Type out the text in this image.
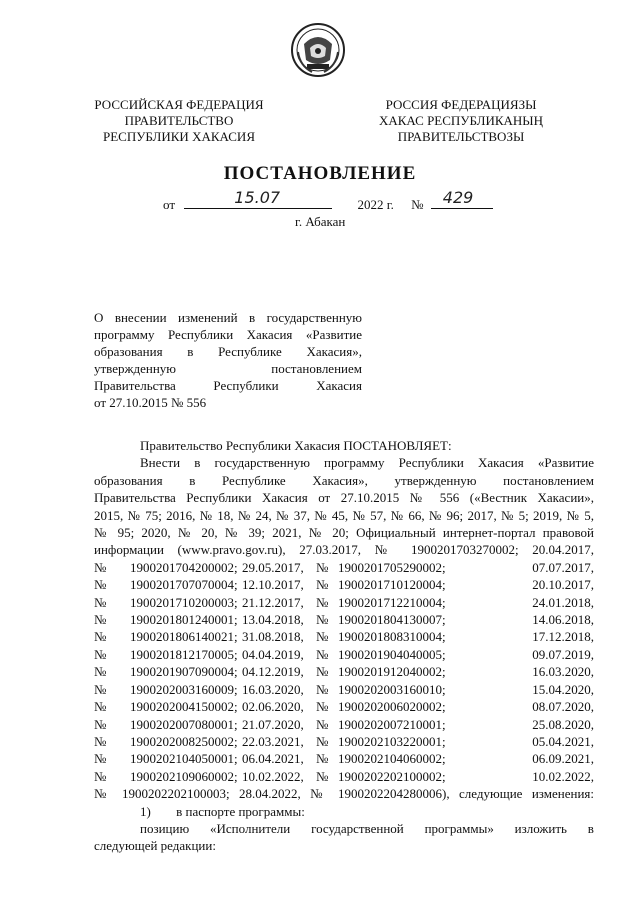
РОССИЙСКАЯ ФЕДЕРАЦИЯ
ПРАВИТЕЛЬСТВО
РЕСПУБЛИКИ ХАКАСИЯ
РОССИЯ ФЕДЕРАЦИЯЗЫ
ХАКАС РЕСПУБЛИКАНЫҢ
ПРАВИТЕЛЬСТВОЗЫ
ПОСТАНОВЛЕНИЕ
от	15.07	2022 г. № 429
г. Абакан
О внесении изменений в государственную
программу Республики Хакасия «Развитие
образования в Республике Хакасия»,
утвержденную	постановлением
Правительства	Республики	Хакасия
от 27.10.2015 № 556

Правительство Республики Хакасия ПОСТАНОВЛЯЕТ:

Внести в государственную программу Республики Хакасия «Развитие

образования в Республике Хакасия», утвержденную постановлением

Правительства Республики Хакасия от 27.10.2015 № 556 («Вестник Хакасии»,

2015, № 75; 2016, № 18, № 24, № 37, № 45, № 57, № 66, № 96; 2017, № 5; 2019, № 5,

№ 95; 2020, № 20, № 39; 2021, № 20; Официальный интернет-портал правовой

информации (www.pravo.gov.ru), 27.03.2017, № 1900201703270002; 20.04.2017,

№	1900201704200002; 29.05.2017, № 1900201705290002;	07.07.2017,
№	1900201707070004; 12.10.2017, № 1900201710120004;	20.10.2017,
№	1900201710200003; 21.12.2017, № 1900201712210004;	24.01.2018,
№	1900201801240001; 13.04.2018, № 1900201804130007;	14.06.2018,
№	1900201806140021; 31.08.2018, № 1900201808310004;	17.12.2018,
№	1900201812170005; 04.04.2019, № 1900201904040005;	09.07.2019,
№	1900201907090004; 04.12.2019, № 1900201912040002;	16.03.2020,
№	1900202003160009; 16.03.2020, № 1900202003160010;	15.04.2020,
№	1900202004150002; 02.06.2020, № 1900202006020002;	08.07.2020,
№	1900202007080001; 21.07.2020, № 1900202007210001;	25.08.2020,
№	1900202008250002; 22.03.2021, № 1900202103220001;	05.04.2021,
№	1900202104050001; 06.04.2021, № 1900202104060002;	06.09.2021,
№	1900202109060002; 10.02.2022, № 1900202202100002;	10.02.2022,

№ 1900202202100003; 28.04.2022, № 1900202204280006), следующие изменения:

1) в паспорте программы:

позицию «Исполнители государственной программы» изложить в

следующей редакции:
